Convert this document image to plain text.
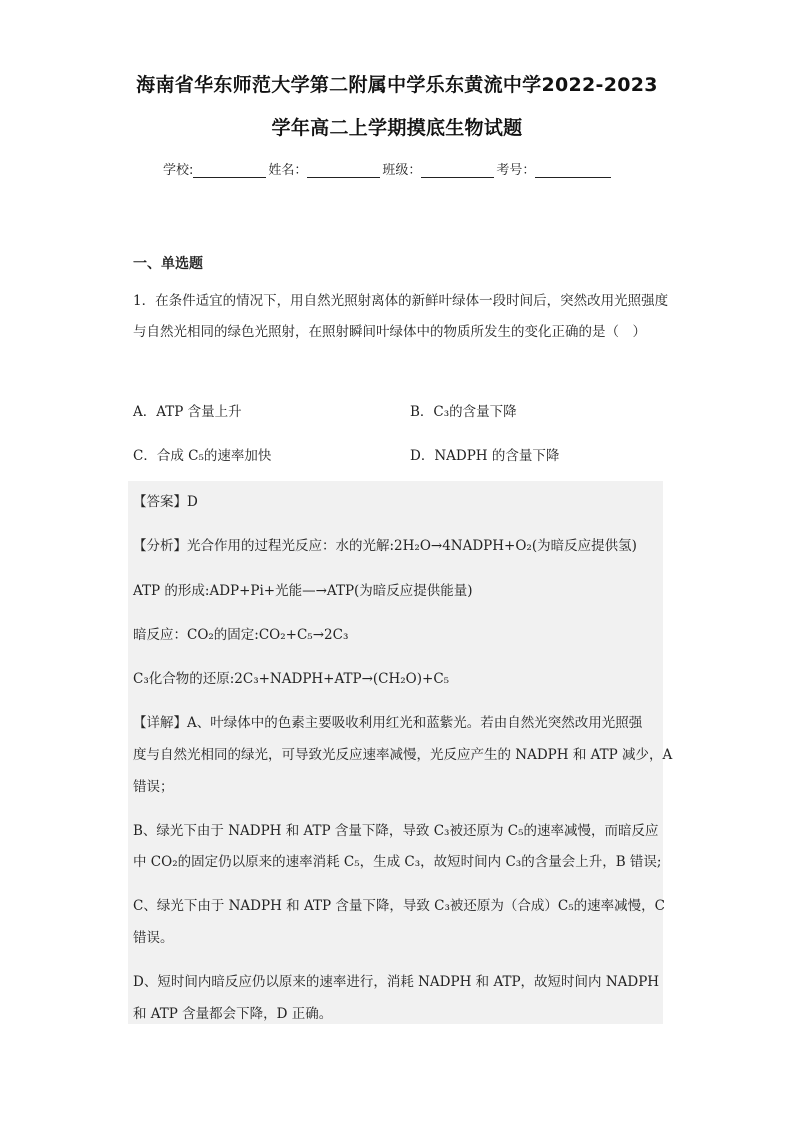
海南省华东师范大学第二附属中学乐东黄流中学2022-2023
学年高二上学期摸底生物试题
学校:	姓名：	班级：	考号：
一、单选题
1．在条件适宜的情况下，用自然光照射离体的新鲜叶绿体一段时间后，突然改用光照强度与自然光相同的绿色光照射，在照射瞬间叶绿体中的物质所发生的变化正确的是（　）
A．ATP 含量上升	B．C₃的含量下降
C．合成 C₅的速率加快	D．NADPH 的含量下降
【答案】D
【分析】光合作用的过程光反应：水的光解:2H₂O→4NADPH+O₂(为暗反应提供氢)
ATP 的形成:ADP+Pi+光能—→ATP(为暗反应提供能量)
暗反应：CO₂的固定:CO₂+C₅→2C₃
C₃化合物的还原:2C₃+NADPH+ATP→(CH₂O)+C₅
【详解】A、叶绿体中的色素主要吸收利用红光和蓝紫光。若由自然光突然改用光照强
度与自然光相同的绿光，可导致光反应速率减慢，光反应产生的 NADPH 和 ATP 减少，A
错误；
B、绿光下由于 NADPH 和 ATP 含量下降，导致 C₃被还原为 C₅的速率减慢，而暗反应
中 CO₂的固定仍以原来的速率消耗 C₅，生成 C₃，故短时间内 C₃的含量会上升，B 错误;
C、绿光下由于 NADPH 和 ATP 含量下降，导致 C₃被还原为（合成）C₅的速率减慢，C
错误。
D、短时间内暗反应仍以原来的速率进行，消耗 NADPH 和 ATP，故短时间内 NADPH
和 ATP 含量都会下降，D 正确。
